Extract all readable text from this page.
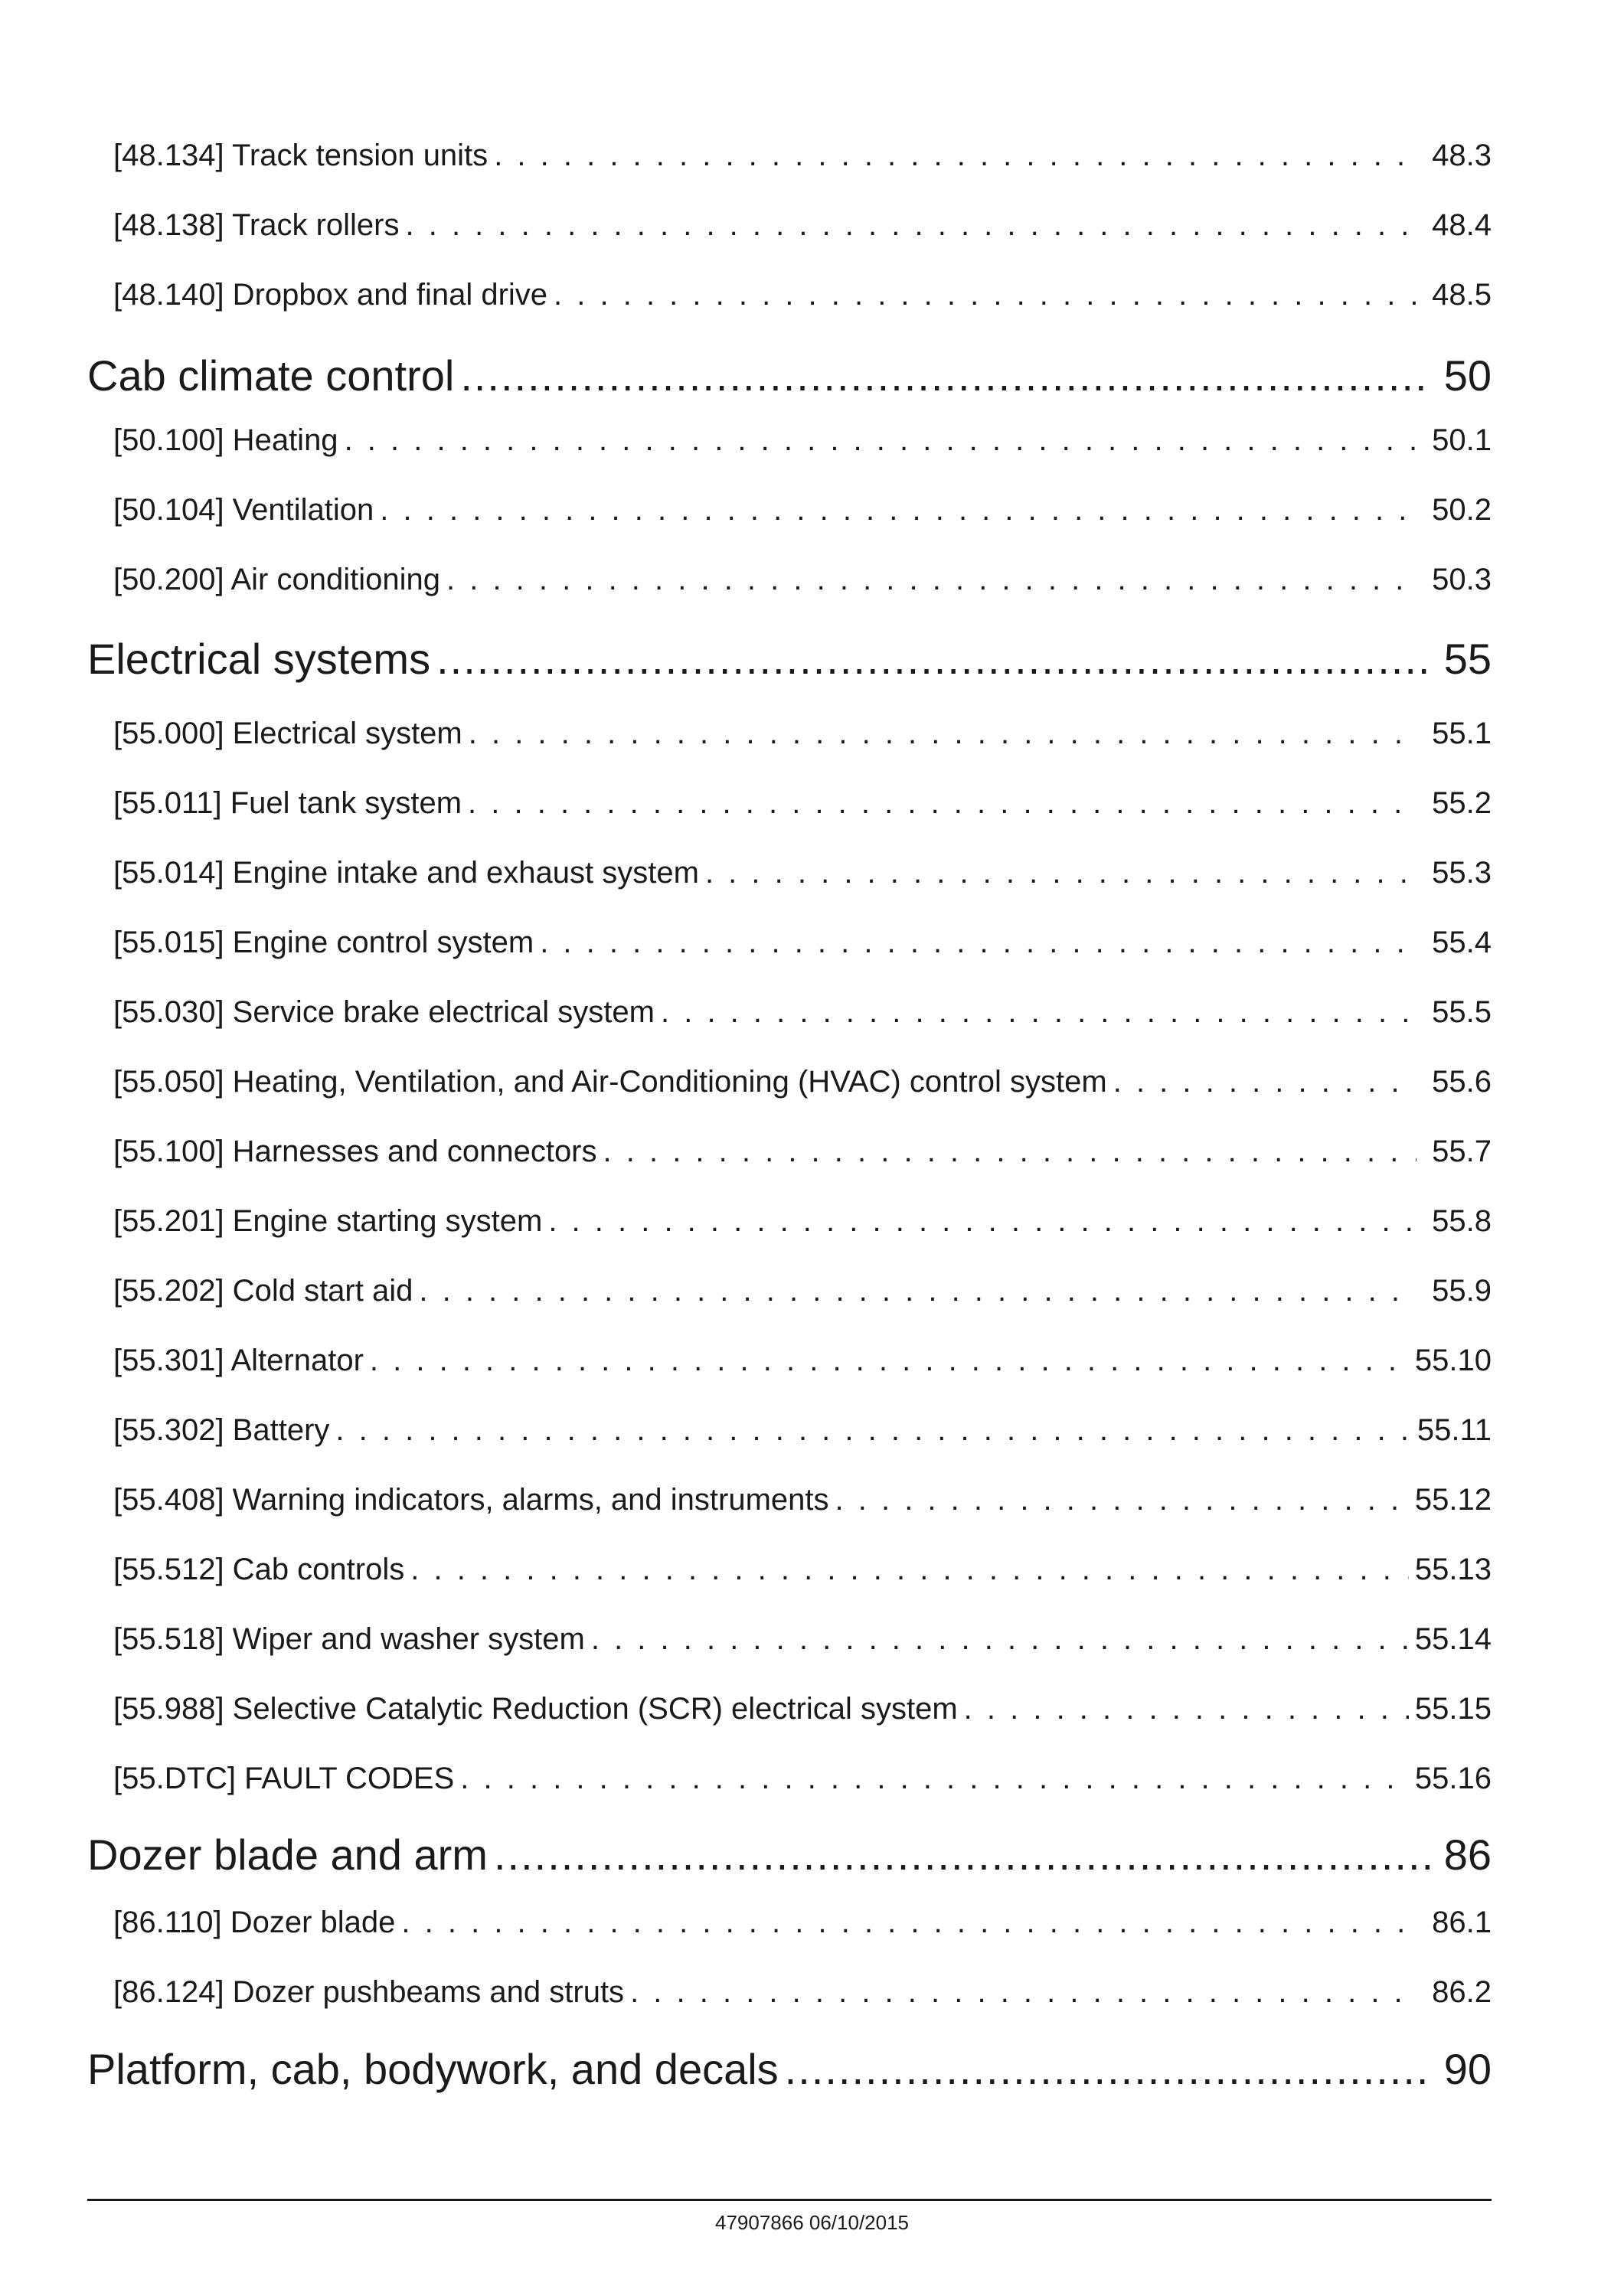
[48.134] Track tension units . . .	48.3
[48.138] Track rollers . . .	48.4
[48.140] Dropbox and final drive . . .	48.5
Cab climate control .....	50
[50.100] Heating . . .	50.1
[50.104] Ventilation . . .	50.2
[50.200] Air conditioning . . .	50.3
Electrical systems .....	55
[55.000] Electrical system . . .	55.1
[55.011] Fuel tank system . . .	55.2
[55.014] Engine intake and exhaust system . . .	55.3
[55.015] Engine control system . . .	55.4
[55.030] Service brake electrical system . . .	55.5
[55.050] Heating, Ventilation, and Air-Conditioning (HVAC) control system . . .	55.6
[55.100] Harnesses and connectors . . .	55.7
[55.201] Engine starting system . . .	55.8
[55.202] Cold start aid . . .	55.9
[55.301] Alternator . . .	55.10
[55.302] Battery . . .	55.11
[55.408] Warning indicators, alarms, and instruments . . .	55.12
[55.512] Cab controls . . .	55.13
[55.518] Wiper and washer system . . .	55.14
[55.988] Selective Catalytic Reduction (SCR) electrical system . . .	55.15
[55.DTC] FAULT CODES . . .	55.16
Dozer blade and arm .....	86
[86.110] Dozer blade . . .	86.1
[86.124] Dozer pushbeams and struts . . .	86.2
Platform, cab, bodywork, and decals .....	90
47907866 06/10/2015
